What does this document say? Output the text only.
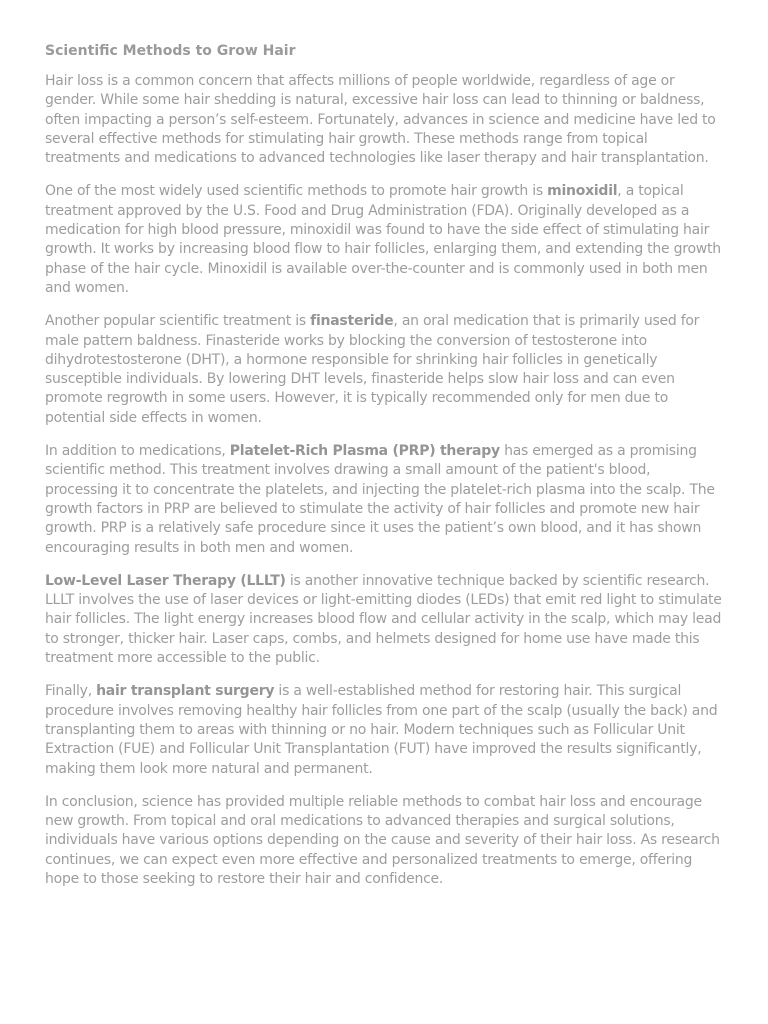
Scientific Methods to Grow Hair

Hair loss is a common concern that affects millions of people worldwide, regardless of age or gender. While some hair shedding is natural, excessive hair loss can lead to thinning or baldness, often impacting a person’s self-esteem. Fortunately, advances in science and medicine have led to several effective methods for stimulating hair growth. These methods range from topical treatments and medications to advanced technologies like laser therapy and hair transplantation.

One of the most widely used scientific methods to promote hair growth is minoxidil, a topical treatment approved by the U.S. Food and Drug Administration (FDA). Originally developed as a medication for high blood pressure, minoxidil was found to have the side effect of stimulating hair growth. It works by increasing blood flow to hair follicles, enlarging them, and extending the growth phase of the hair cycle. Minoxidil is available over-the-counter and is commonly used in both men and women.

Another popular scientific treatment is finasteride, an oral medication that is primarily used for male pattern baldness. Finasteride works by blocking the conversion of testosterone into dihydrotestosterone (DHT), a hormone responsible for shrinking hair follicles in genetically susceptible individuals. By lowering DHT levels, finasteride helps slow hair loss and can even promote regrowth in some users. However, it is typically recommended only for men due to potential side effects in women.

In addition to medications, Platelet-Rich Plasma (PRP) therapy has emerged as a promising scientific method. This treatment involves drawing a small amount of the patient's blood, processing it to concentrate the platelets, and injecting the platelet-rich plasma into the scalp. The growth factors in PRP are believed to stimulate the activity of hair follicles and promote new hair growth. PRP is a relatively safe procedure since it uses the patient’s own blood, and it has shown encouraging results in both men and women.

Low-Level Laser Therapy (LLLT) is another innovative technique backed by scientific research. LLLT involves the use of laser devices or light-emitting diodes (LEDs) that emit red light to stimulate hair follicles. The light energy increases blood flow and cellular activity in the scalp, which may lead to stronger, thicker hair. Laser caps, combs, and helmets designed for home use have made this treatment more accessible to the public.

Finally, hair transplant surgery is a well-established method for restoring hair. This surgical procedure involves removing healthy hair follicles from one part of the scalp (usually the back) and transplanting them to areas with thinning or no hair. Modern techniques such as Follicular Unit Extraction (FUE) and Follicular Unit Transplantation (FUT) have improved the results significantly, making them look more natural and permanent.

In conclusion, science has provided multiple reliable methods to combat hair loss and encourage new growth. From topical and oral medications to advanced therapies and surgical solutions, individuals have various options depending on the cause and severity of their hair loss. As research continues, we can expect even more effective and personalized treatments to emerge, offering hope to those seeking to restore their hair and confidence.
